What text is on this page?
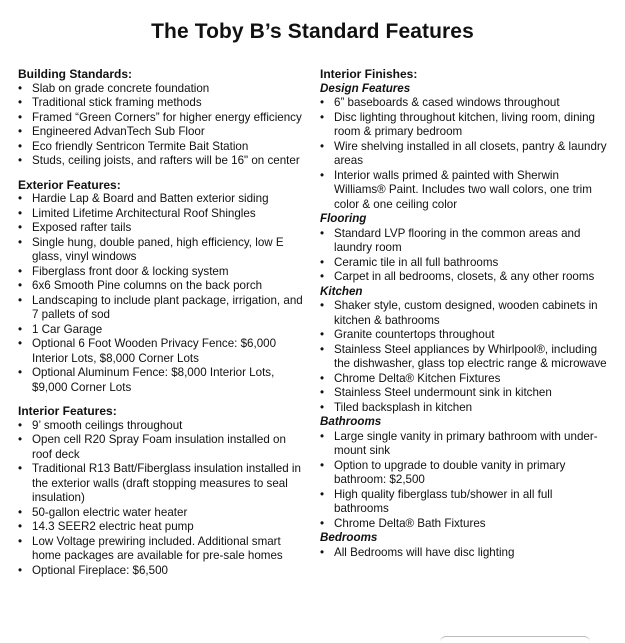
The Toby B’s Standard Features
Building Standards:
• Slab on grade concrete foundation
• Traditional stick framing methods
• Framed “Green Corners” for higher energy efficiency
• Engineered AdvanTech Sub Floor
• Eco friendly Sentricon Termite Bait Station
• Studs, ceiling joists, and rafters will be 16" on center
Exterior Features:
• Hardie Lap & Board and Batten exterior siding
• Limited Lifetime Architectural Roof Shingles
• Exposed rafter tails
• Single hung, double paned, high efficiency, low E glass, vinyl windows
• Fiberglass front door & locking system
• 6x6 Smooth Pine columns on the back porch
• Landscaping to include plant package, irrigation, and 7 pallets of sod
• 1 Car Garage
• Optional 6 Foot Wooden Privacy Fence: $6,000 Interior Lots, $8,000 Corner Lots
• Optional Aluminum Fence: $8,000 Interior Lots, $9,000 Corner Lots
Interior Features:
• 9’ smooth ceilings throughout
• Open cell R20 Spray Foam insulation installed on roof deck
• Traditional R13 Batt/Fiberglass insulation installed in the exterior walls (draft stopping measures to seal insulation)
• 50-gallon electric water heater
• 14.3 SEER2 electric heat pump
• Low Voltage prewiring included. Additional smart home packages are available for pre-sale homes
• Optional Fireplace: $6,500
Interior Finishes:
Design Features
• 6” baseboards & cased windows throughout
• Disc lighting throughout kitchen, living room, dining room & primary bedroom
• Wire shelving installed in all closets, pantry & laundry areas
• Interior walls primed & painted with Sherwin Williams® Paint. Includes two wall colors, one trim color & one ceiling color
Flooring
• Standard LVP flooring in the common areas and laundry room
• Ceramic tile in all full bathrooms
• Carpet in all bedrooms, closets, & any other rooms
Kitchen
• Shaker style, custom designed, wooden cabinets in kitchen & bathrooms
• Granite countertops throughout
• Stainless Steel appliances by Whirlpool®, including the dishwasher, glass top electric range & microwave
• Chrome Delta® Kitchen Fixtures
• Stainless Steel undermount sink in kitchen
• Tiled backsplash in kitchen
Bathrooms
• Large single vanity in primary bathroom with under-mount sink
• Option to upgrade to double vanity in primary bathroom: $2,500
• High quality fiberglass tub/shower in all full bathrooms
• Chrome Delta® Bath Fixtures
Bedrooms
• All Bedrooms will have disc lighting
